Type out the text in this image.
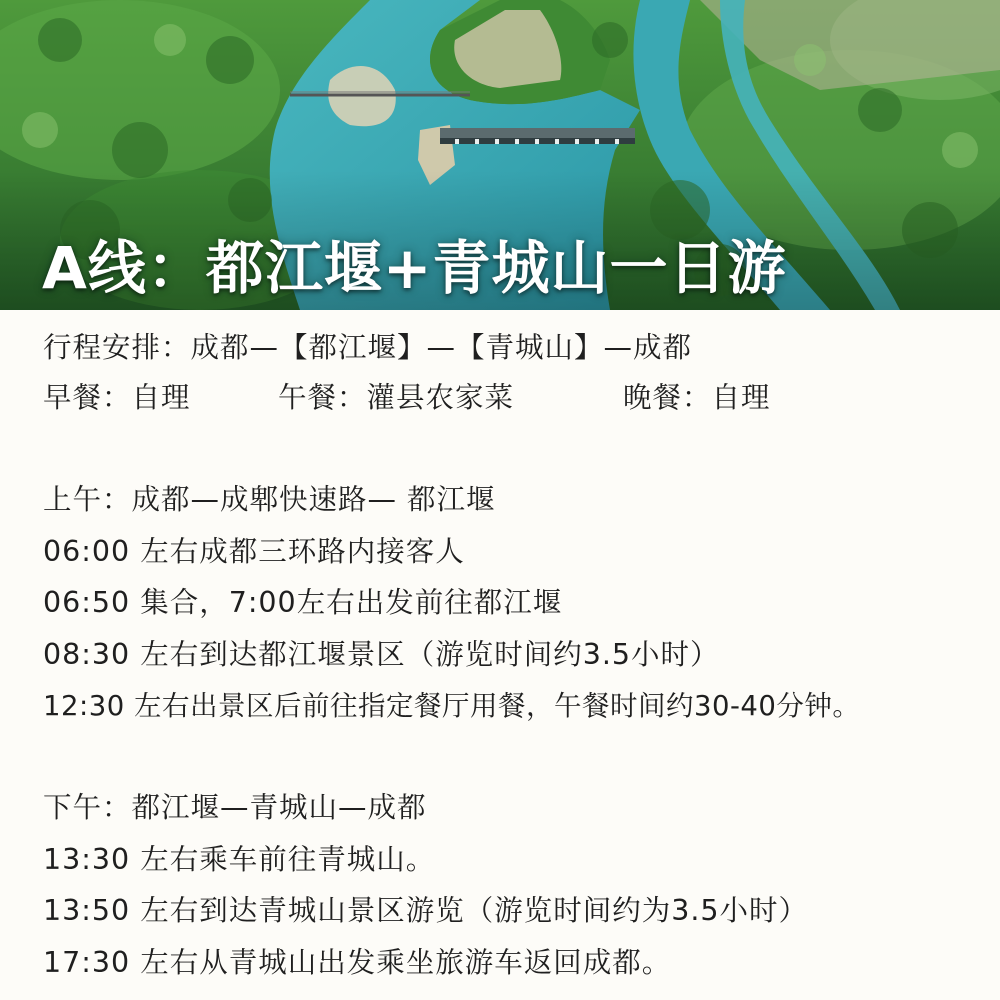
A线：都江堰+青城山一日游

行程安排：成都—【都江堰】—【青城山】—成都

早餐：自理	午餐：灌县农家菜	晚餐：自理

上午：成都—成郫快速路— 都江堰

06:00 左右成都三环路内接客人

06:50 集合，7:00左右出发前往都江堰

08:30 左右到达都江堰景区（游览时间约3.5小时）

12:30 左右出景区后前往指定餐厅用餐，午餐时间约30-40分钟。

下午：都江堰—青城山—成都

13:30 左右乘车前往青城山。

13:50 左右到达青城山景区游览（游览时间约为3.5小时）

17:30 左右从青城山出发乘坐旅游车返回成都。
